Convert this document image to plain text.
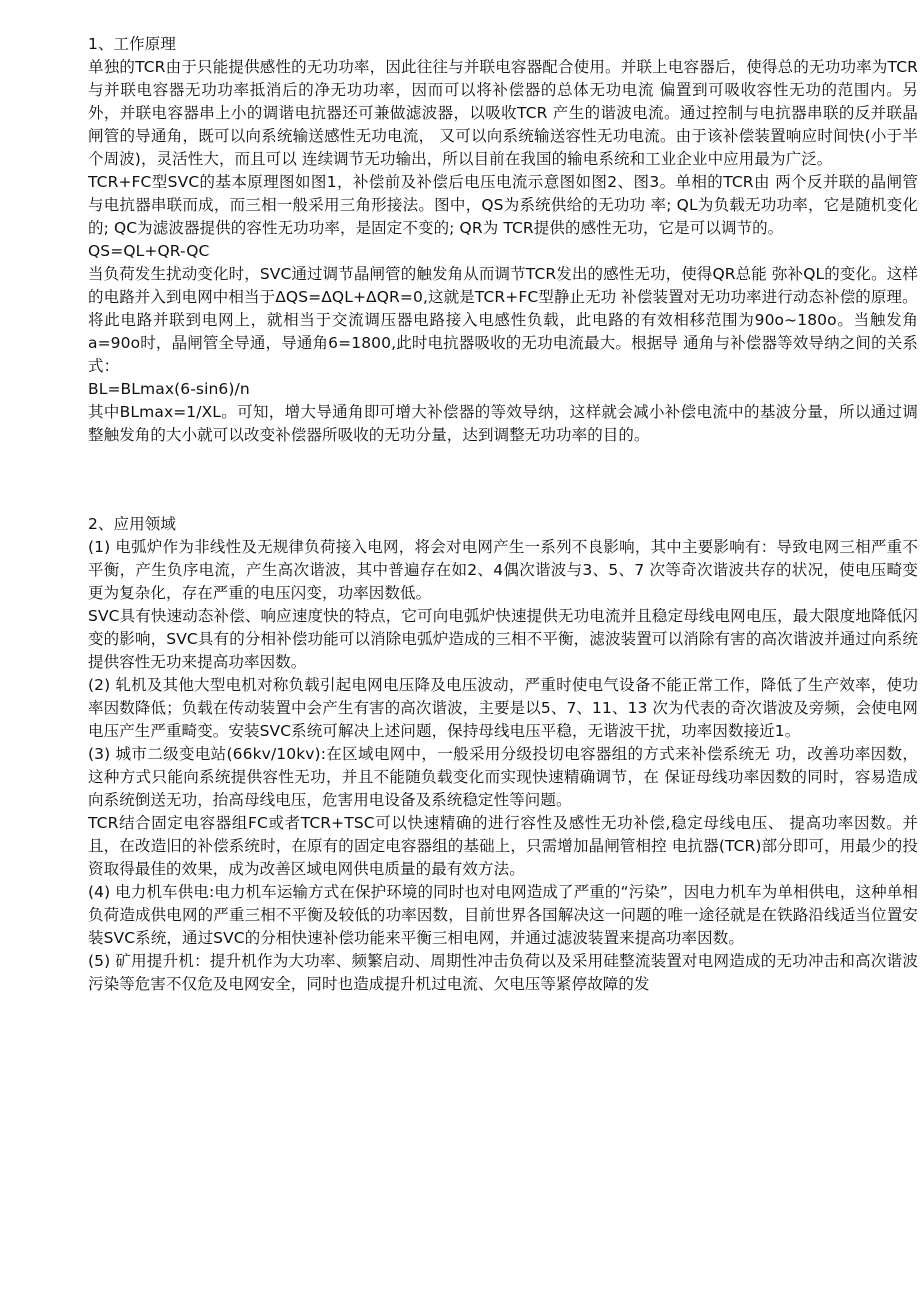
1、工作原理

单独的TCR由于只能提供感性的无功功率，因此往往与并联电容器配合使用。并联上电容器后，使得总的无功功率为TCR与并联电容器无功功率抵消后的净无功功率，因而可以将补偿器的总体无功电流 偏置到可吸收容性无功的范围内。另外，并联电容器串上小的调谐电抗器还可兼做滤波器，以吸收TCR 产生的谐波电流。通过控制与电抗器串联的反并联晶闸管的导通角，既可以向系统输送感性无功电流， 又可以向系统输送容性无功电流。由于该补偿装置响应时间快(小于半个周波)，灵活性大，而且可以 连续调节无功输出，所以目前在我国的输电系统和工业企业中应用最为广泛。

TCR+FC型SVC的基本原理图如图1，补偿前及补偿后电压电流示意图如图2、图3。单相的TCR由 两个反并联的晶闸管与电抗器串联而成，而三相一般采用三角形接法。图中，QS为系统供给的无功功 率; QL为负载无功功率，它是随机变化的; QC为滤波器提供的容性无功功率，是固定不变的; QR为 TCR提供的感性无功，它是可以调节的。

QS=QL+QR-QC

当负荷发生扰动变化时，SVC通过调节晶闸管的触发角从而调节TCR发出的感性无功，使得QR总能 弥补QL的变化。这样的电路并入到电网中相当于ΔQS=ΔQL+ΔQR=0,这就是TCR+FC型静止无功 补偿装置对无功功率进行动态补偿的原理。

将此电路并联到电网上，就相当于交流调压器电路接入电感性负载，此电路的有效相移范围为90o~180o。当触发角a=90o时，晶闸管全导通，导通角6=1800,此时电抗器吸收的无功电流最大。根据导 通角与补偿器等效导纳之间的关系式：

BL=BLmax(6-sin6)/n

其中BLmax=1/XL。可知，增大导通角即可增大补偿器的等效导纳，这样就会减小补偿电流中的基波分量，所以通过调整触发角的大小就可以改变补偿器所吸收的无功分量，达到调整无功功率的目的。

2、应用领域

(1) 电弧炉作为非线性及无规律负荷接入电网，将会对电网产生一系列不良影响，其中主要影响有：导致电网三相严重不平衡，产生负序电流，产生高次谐波，其中普遍存在如2、4偶次谐波与3、5、7 次等奇次谐波共存的状况，使电压畸变更为复杂化，存在严重的电压闪变，功率因数低。

SVC具有快速动态补偿、响应速度快的特点，它可向电弧炉快速提供无功电流并且稳定母线电网电压，最大限度地降低闪变的影响，SVC具有的分相补偿功能可以消除电弧炉造成的三相不平衡，滤波装置可以消除有害的高次谐波并通过向系统提供容性无功来提高功率因数。

(2) 轧机及其他大型电机对称负载引起电网电压降及电压波动，严重时使电气设备不能正常工作，降低了生产效率，使功率因数降低；负载在传动装置中会产生有害的高次谐波，主要是以5、7、11、13 次为代表的奇次谐波及旁频，会使电网电压产生严重畸变。安装SVC系统可解决上述问题，保持母线电压平稳，无谐波干扰，功率因数接近1。

(3) 城市二级变电站(66kv/10kv):在区域电网中，一般采用分级投切电容器组的方式来补偿系统无 功，改善功率因数，这种方式只能向系统提供容性无功，并且不能随负载变化而实现快速精确调节，在 保证母线功率因数的同时，容易造成向系统倒送无功，抬高母线电压，危害用电设备及系统稳定性等问题。

TCR结合固定电容器组FC或者TCR+TSC可以快速精确的进行容性及感性无功补偿,稳定母线电压、 提高功率因数。并且，在改造旧的补偿系统时，在原有的固定电容器组的基础上，只需增加晶闸管相控 电抗器(TCR)部分即可，用最少的投资取得最佳的效果，成为改善区域电网供电质量的最有效方法。

(4) 电力机车供电:电力机车运输方式在保护环境的同时也对电网造成了严重的“污染”，因电力机车为单相供电，这种单相负荷造成供电网的严重三相不平衡及较低的功率因数，目前世界各国解决这一问题的唯一途径就是在铁路沿线适当位置安装SVC系统，通过SVC的分相快速补偿功能来平衡三相电网，并通过滤波装置来提高功率因数。

(5) 矿用提升机：提升机作为大功率、频繁启动、周期性冲击负荷以及采用硅整流装置对电网造成的无功冲击和高次谐波污染等危害不仅危及电网安全，同时也造成提升机过电流、欠电压等紧停故障的发
